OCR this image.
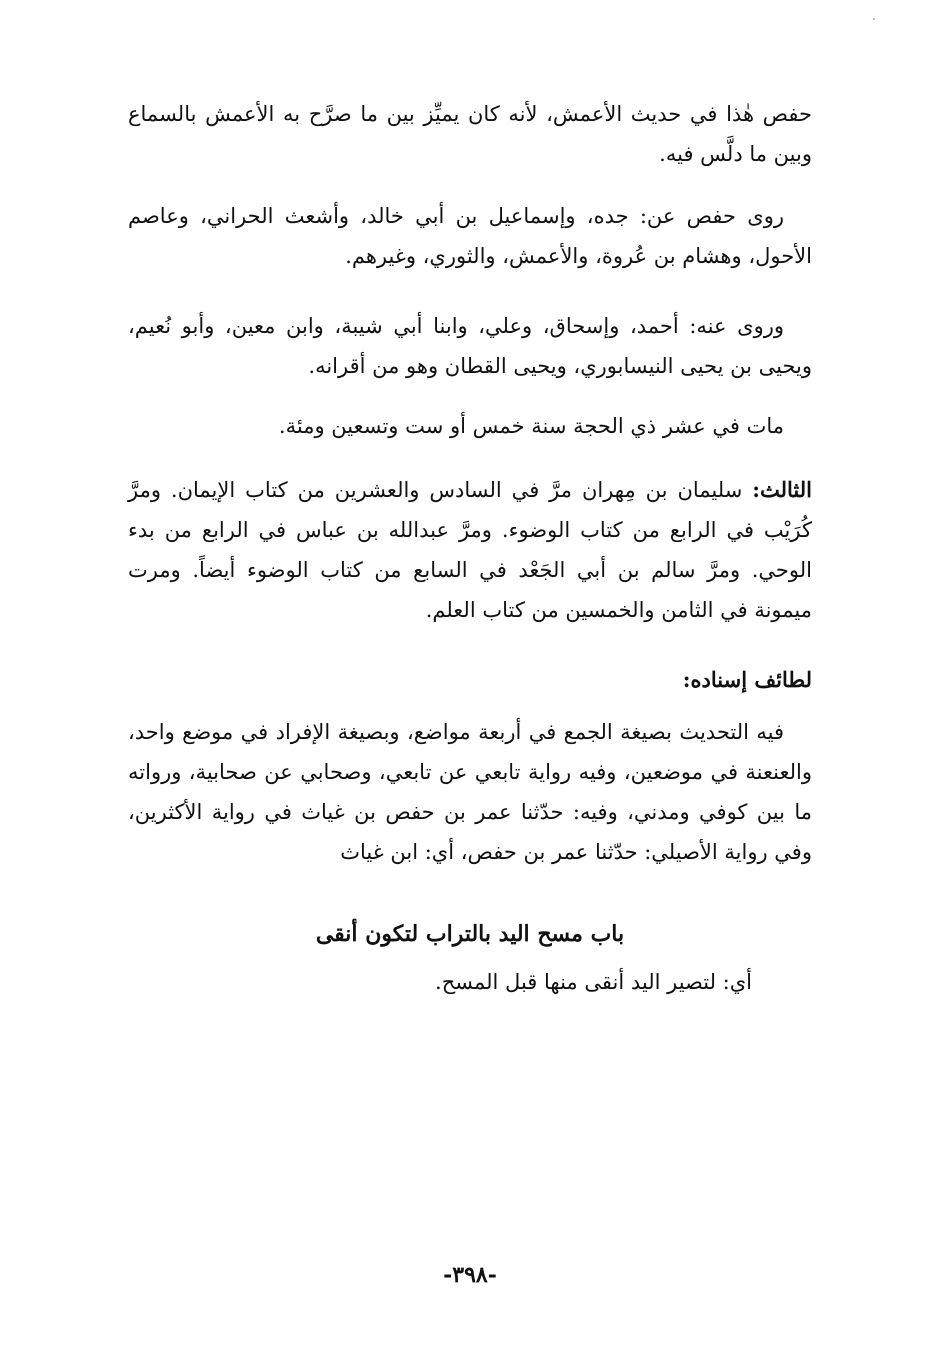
حفص هٰذا في حديث الأعمش، لأنه كان يميِّز بين ما صرَّح به الأعمش بالسماع وبين ما دلَّس فيه.

روى حفص عن: جده، وإسماعيل بن أبي خالد، وأشعث الحراني، وعاصم الأحول، وهشام بن عُروة، والأعمش، والثوري، وغيرهم.

وروى عنه: أحمد، وإسحاق، وعلي، وابنا أبي شيبة، وابن معين، وأبو نُعيم، ويحيى بن يحيى النيسابوري، ويحيى القطان وهو من أقرانه.

مات في عشر ذي الحجة سنة خمس أو ست وتسعين ومئة.

الثالث: سليمان بن مِهران مرَّ في السادس والعشرين من كتاب الإيمان. ومرَّ كُرَيْب في الرابع من كتاب الوضوء. ومرَّ عبدالله بن عباس في الرابع من بدء الوحي. ومرَّ سالم بن أبي الجَعْد في السابع من كتاب الوضوء أيضاً. ومرت ميمونة في الثامن والخمسين من كتاب العلم.

لطائف إسناده:

فيه التحديث بصيغة الجمع في أربعة مواضع، وبصيغة الإفراد في موضع واحد، والعنعنة في موضعين، وفيه رواية تابعي عن تابعي، وصحابي عن صحابية، ورواته ما بين كوفي ومدني، وفيه: حدّثنا عمر بن حفص بن غياث في رواية الأكثرين، وفي رواية الأصيلي: حدّثنا عمر بن حفص، أي: ابن غياث

باب مسح اليد بالتراب لتكون أنقى
أي: لتصير اليد أنقى منها قبل المسح.
-٣٩٨-
